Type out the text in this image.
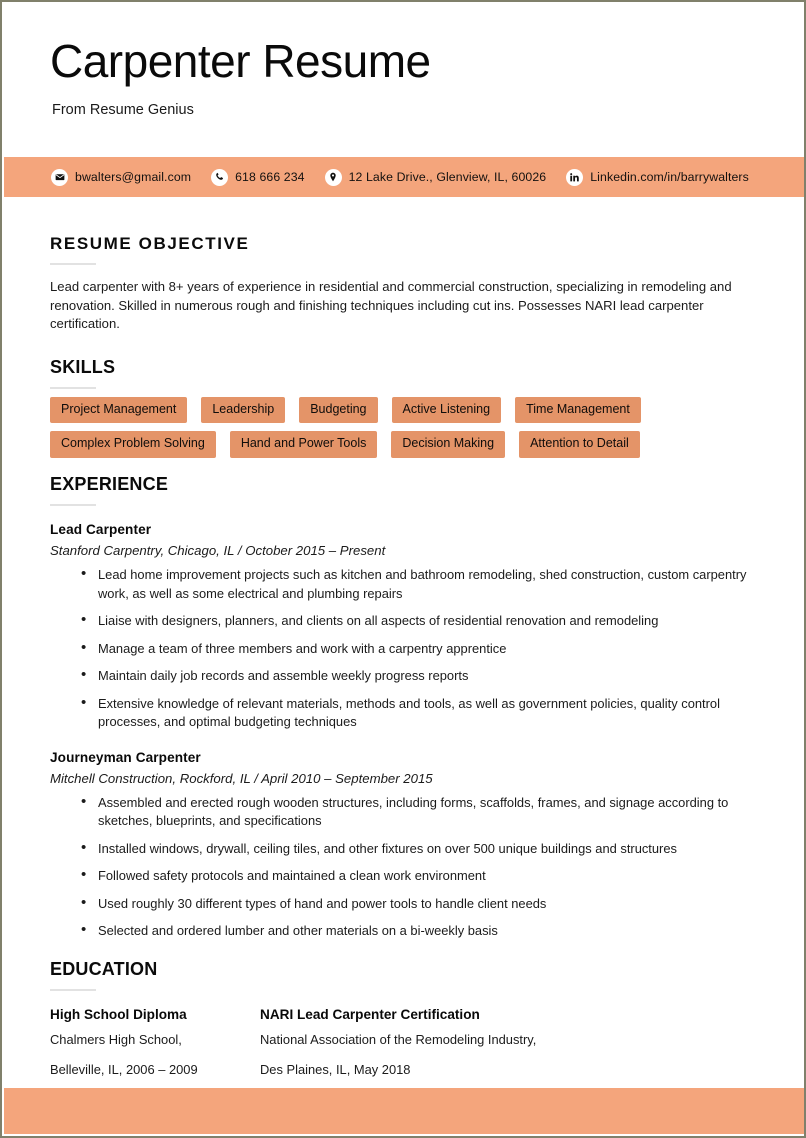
Carpenter Resume
From Resume Genius
bwalters@gmail.com	618 666 234	12 Lake Drive., Glenview, IL, 60026	Linkedin.com/in/barrywalters
RESUME OBJECTIVE

Lead carpenter with 8+ years of experience in residential and commercial construction, specializing in remodeling and renovation. Skilled in numerous rough and finishing techniques including cut ins. Possesses NARI lead carpenter certification.

SKILLS
Project Management	Leadership	Budgeting	Active Listening	Time Management
Complex Problem Solving	Hand and Power Tools	Decision Making	Attention to Detail
EXPERIENCE
Lead Carpenter
Stanford Carpentry, Chicago, IL / October 2015 – Present
• Lead home improvement projects such as kitchen and bathroom remodeling, shed construction, custom carpentry work, as well as some electrical and plumbing repairs
• Liaise with designers, planners, and clients on all aspects of residential renovation and remodeling
• Manage a team of three members and work with a carpentry apprentice
• Maintain daily job records and assemble weekly progress reports
• Extensive knowledge of relevant materials, methods and tools, as well as government policies, quality control processes, and optimal budgeting techniques
Journeyman Carpenter
Mitchell Construction, Rockford, IL / April 2010 – September 2015
• Assembled and erected rough wooden structures, including forms, scaffolds, frames, and signage according to sketches, blueprints, and specifications
• Installed windows, drywall, ceiling tiles, and other fixtures on over 500 unique buildings and structures
• Followed safety protocols and maintained a clean work environment
• Used roughly 30 different types of hand and power tools to handle client needs
• Selected and ordered lumber and other materials on a bi-weekly basis
EDUCATION
High School Diploma
Chalmers High School,
Belleville, IL, 2006 – 2009
NARI Lead Carpenter Certification
National Association of the Remodeling Industry,
Des Plaines, IL, May 2018
